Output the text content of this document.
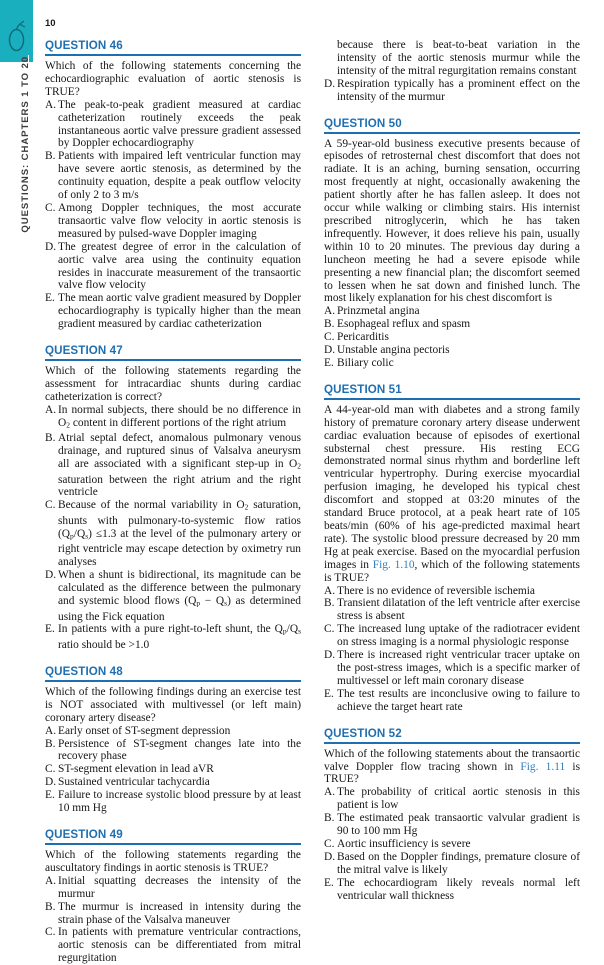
QUESTIONS: CHAPTERS 1 TO 20
10
QUESTION 46

Which of the following statements concerning the echocardiographic evaluation of aortic stenosis is TRUE?

A. The peak-to-peak gradient measured at cardiac catheterization routinely exceeds the peak instantaneous aortic valve pressure gradient assessed by Doppler echocardiography
B. Patients with impaired left ventricular function may have severe aortic stenosis, as determined by the continuity equation, despite a peak outflow velocity of only 2 to 3 m/s
C. Among Doppler techniques, the most accurate transaortic valve flow velocity in aortic stenosis is measured by pulsed-wave Doppler imaging
D. The greatest degree of error in the calculation of aortic valve area using the continuity equation resides in inaccurate measurement of the transaortic valve flow velocity
E. The mean aortic valve gradient measured by Doppler echocardiography is typically higher than the mean gradient measured by cardiac catheterization
QUESTION 47

Which of the following statements regarding the assessment for intracardiac shunts during cardiac catheterization is correct?

A. In normal subjects, there should be no difference in $O_2$ content in different portions of the right atrium
B. Atrial septal defect, anomalous pulmonary venous drainage, and ruptured sinus of Valsalva aneurysm all are associated with a significant step-up in $O_2$ saturation between the right atrium and the right ventricle
C. Because of the normal variability in $O_2$ saturation, shunts with pulmonary-to-systemic flow ratios $(Q_p/Q_s) \le 1.3$ at the level of the pulmonary artery or right ventricle may escape detection by oximetry run analyses
D. When a shunt is bidirectional, its magnitude can be calculated as the difference between the pulmonary and systemic blood flows $(Q_p - Q_s)$ as determined using the Fick equation
E. In patients with a pure right-to-left shunt, the $Q_p/Q_s$ ratio should be >1.0
QUESTION 48

Which of the following findings during an exercise test is NOT associated with multivessel (or left main) coronary artery disease?

A. Early onset of ST-segment depression
B. Persistence of ST-segment changes late into the recovery phase
C. ST-segment elevation in lead aVR
D. Sustained ventricular tachycardia
E. Failure to increase systolic blood pressure by at least 10 mm Hg
QUESTION 49

Which of the following statements regarding the auscultatory findings in aortic stenosis is TRUE?

A. Initial squatting decreases the intensity of the murmur
B. The murmur is increased in intensity during the strain phase of the Valsalva maneuver
C. In patients with premature ventricular contractions, aortic stenosis can be differentiated from mitral regurgitation
because there is beat-to-beat variation in the intensity of the aortic stenosis murmur while the intensity of the mitral regurgitation remains constant
D. Respiration typically has a prominent effect on the intensity of the murmur
QUESTION 50

A 59-year-old business executive presents because of episodes of retrosternal chest discomfort that does not radiate. It is an aching, burning sensation, occurring most frequently at night, occasionally awakening the patient shortly after he has fallen asleep. It does not occur while walking or climbing stairs. His internist prescribed nitroglycerin, which he has taken infrequently. However, it does relieve his pain, usually within 10 to 20 minutes. The previous day during a luncheon meeting he had a severe episode while presenting a new financial plan; the discomfort seemed to lessen when he sat down and finished lunch. The most likely explanation for his chest discomfort is

A. Prinzmetal angina
B. Esophageal reflux and spasm
C. Pericarditis
D. Unstable angina pectoris
E. Biliary colic
QUESTION 51

A 44-year-old man with diabetes and a strong family history of premature coronary artery disease underwent cardiac evaluation because of episodes of exertional substernal chest pressure. His resting ECG demonstrated normal sinus rhythm and borderline left ventricular hypertrophy. During exercise myocardial perfusion imaging, he developed his typical chest discomfort and stopped at 03:20 minutes of the standard Bruce protocol, at a peak heart rate of 105 beats/min (60% of his age-predicted maximal heart rate). The systolic blood pressure decreased by 20 mm Hg at peak exercise. Based on the myocardial perfusion images in Fig. 1.10, which of the following statements is TRUE?

A. There is no evidence of reversible ischemia
B. Transient dilatation of the left ventricle after exercise stress is absent
C. The increased lung uptake of the radiotracer evident on stress imaging is a normal physiologic response
D. There is increased right ventricular tracer uptake on the post-stress images, which is a specific marker of multivessel or left main coronary disease
E. The test results are inconclusive owing to failure to achieve the target heart rate
QUESTION 52

Which of the following statements about the transaortic valve Doppler flow tracing shown in Fig. 1.11 is TRUE?

A. The probability of critical aortic stenosis in this patient is low
B. The estimated peak transaortic valvular gradient is 90 to 100 mm Hg
C. Aortic insufficiency is severe
D. Based on the Doppler findings, premature closure of the mitral valve is likely
E. The echocardiogram likely reveals normal left ventricular wall thickness
